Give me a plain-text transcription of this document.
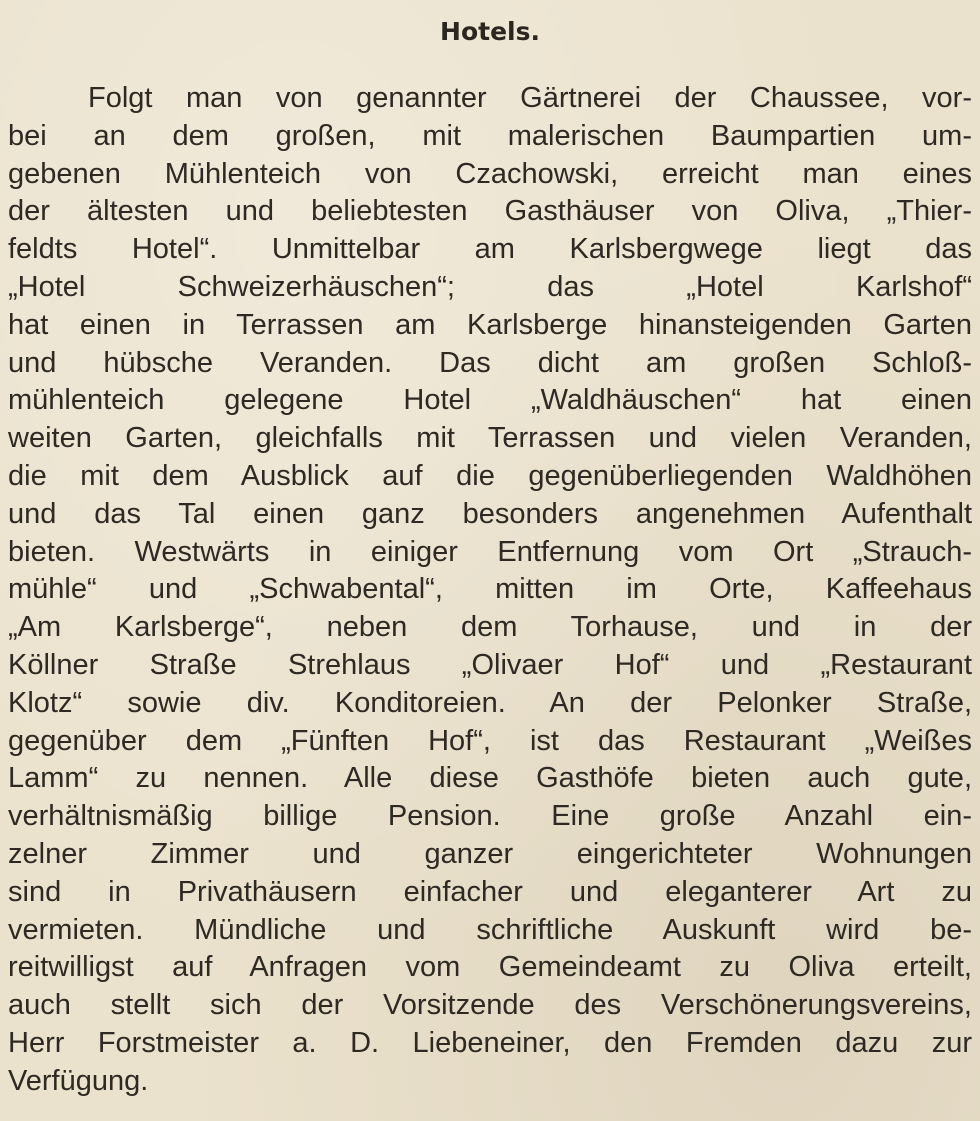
Hotels.
Folgt man von genannter Gärtnerei der Chaussee, vor-
bei an dem großen, mit malerischen Baumpartien um-
gebenen Mühlenteich von Czachowski, erreicht man eines
der ältesten und beliebtesten Gasthäuser von Oliva, „Thier-
feldts Hotel“. Unmittelbar am Karlsbergwege liegt das
„Hotel Schweizerhäuschen“; das „Hotel Karlshof“
hat einen in Terrassen am Karlsberge hinansteigenden Garten
und hübsche Veranden. Das dicht am großen Schloß-
mühlenteich gelegene Hotel „Waldhäuschen“ hat einen
weiten Garten, gleichfalls mit Terrassen und vielen Veranden,
die mit dem Ausblick auf die gegenüberliegenden Waldhöhen
und das Tal einen ganz besonders angenehmen Aufenthalt
bieten. Westwärts in einiger Entfernung vom Ort „Strauch-
mühle“ und „Schwabental“, mitten im Orte, Kaffeehaus
„Am Karlsberge“, neben dem Torhause, und in der
Köllner Straße Strehlaus „Olivaer Hof“ und „Restaurant
Klotz“ sowie div. Konditoreien. An der Pelonker Straße,
gegenüber dem „Fünften Hof“, ist das Restaurant „Weißes
Lamm“ zu nennen. Alle diese Gasthöfe bieten auch gute,
verhältnismäßig billige Pension. Eine große Anzahl ein-
zelner Zimmer und ganzer eingerichteter Wohnungen
sind in Privathäusern einfacher und eleganterer Art zu
vermieten. Mündliche und schriftliche Auskunft wird be-
reitwilligst auf Anfragen vom Gemeindeamt zu Oliva erteilt,
auch stellt sich der Vorsitzende des Verschönerungsvereins,
Herr Forstmeister a. D. Liebeneiner, den Fremden dazu zur
Verfügung.
